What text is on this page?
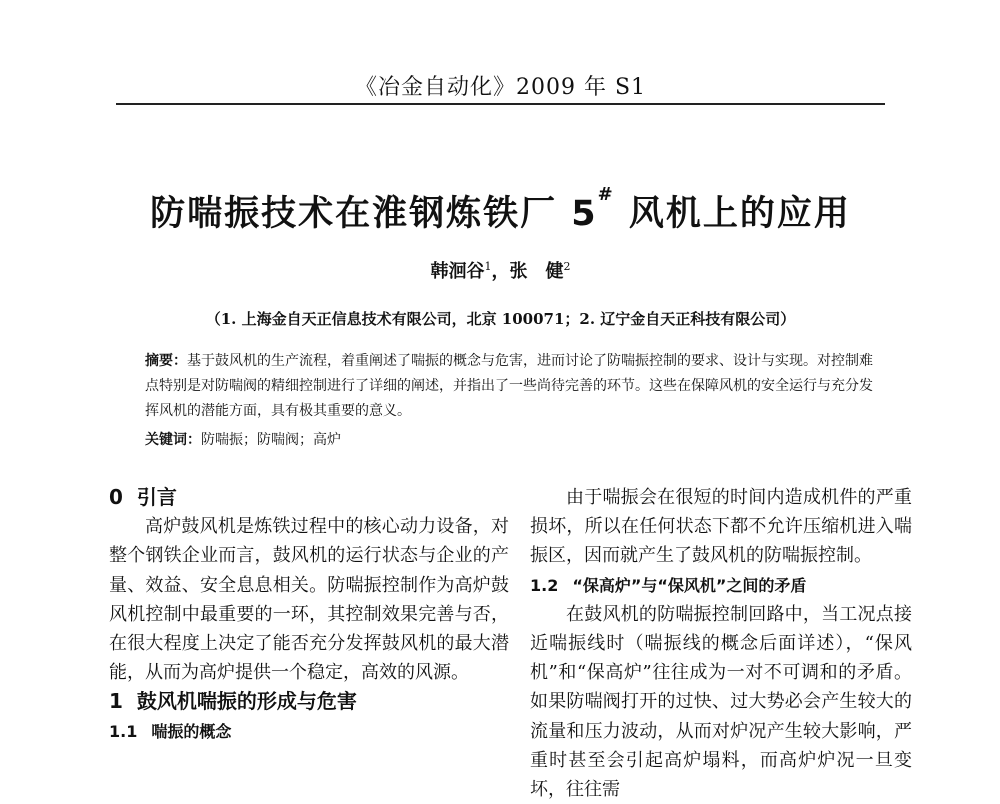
《冶金自动化》2009 年 S1
防喘振技术在淮钢炼铁厂 5# 风机上的应用
韩洄谷$^1$，张　健$^2$
（1. 上海金自天正信息技术有限公司，北京 100071；2. 辽宁金自天正科技有限公司）
摘要：基于鼓风机的生产流程，着重阐述了喘振的概念与危害，进而讨论了防喘振控制的要求、设计与实现。对控制难点特别是对防喘阀的精细控制进行了详细的阐述，并指出了一些尚待完善的环节。这些在保障风机的安全运行与充分发挥风机的潜能方面，具有极其重要的意义。
关键词：防喘振；防喘阀；高炉
0 引言

高炉鼓风机是炼铁过程中的核心动力设备，对整个钢铁企业而言，鼓风机的运行状态与企业的产量、效益、安全息息相关。防喘振控制作为高炉鼓风机控制中最重要的一环，其控制效果完善与否，在很大程度上决定了能否充分发挥鼓风机的最大潜能，从而为高炉提供一个稳定，高效的风源。

1 鼓风机喘振的形成与危害
1.1 喘振的概念

由于喘振会在很短的时间内造成机件的严重损坏，所以在任何状态下都不允许压缩机进入喘振区，因而就产生了鼓风机的防喘振控制。

1.2 “保高炉”与“保风机”之间的矛盾

在鼓风机的防喘振控制回路中，当工况点接近喘振线时（喘振线的概念后面详述），“保风机”和“保高炉”往往成为一对不可调和的矛盾。如果防喘阀打开的过快、过大势必会产生较大的流量和压力波动，从而对炉况产生较大影响，严重时甚至会引起高炉塌料，而高炉炉况一旦变坏，往往需
